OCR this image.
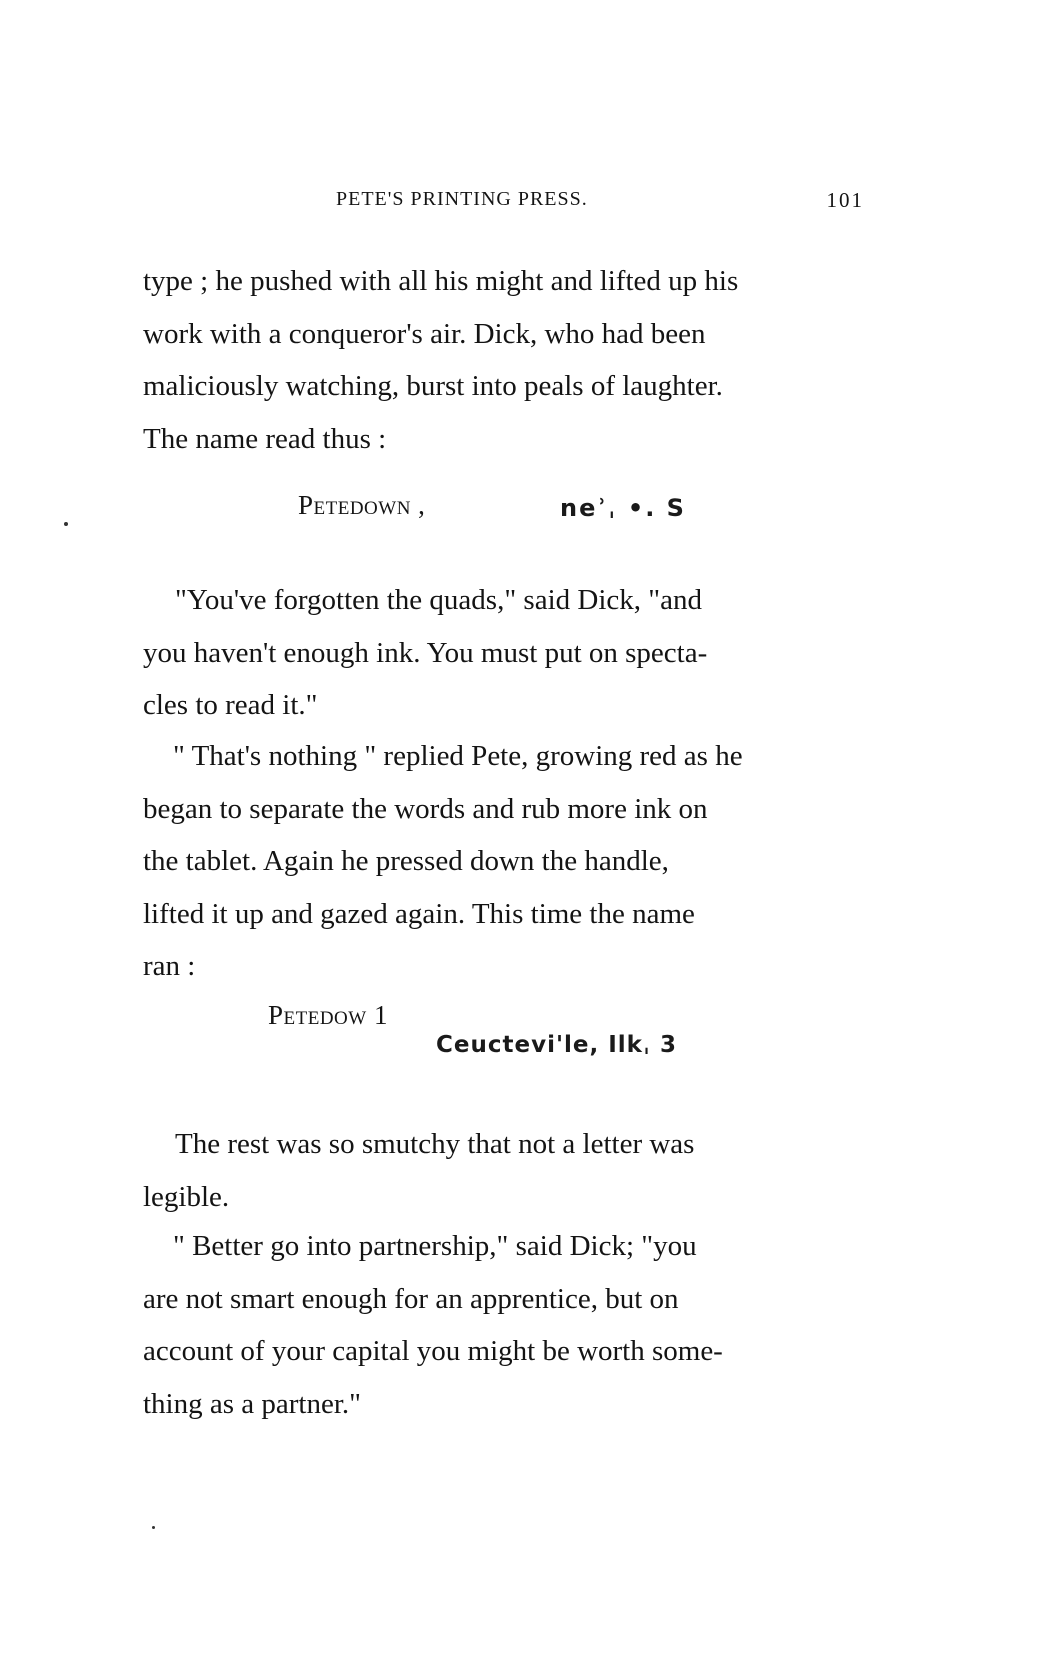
PETE'S PRINTING PRESS.	101
type ; he pushed with all his might and lifted up his
work with a conqueror's air. Dick, who had been
maliciously watching, burst into peals of laughter.
The name read thus :
Petedown ,	neʾˌ •. S
"You've forgotten the quads," said Dick, "and
you haven't enough ink. You must put on specta-
cles to read it."
" That's nothing " replied Pete, growing red as he
began to separate the words and rub more ink on
the tablet. Again he pressed down the handle,
lifted it up and gazed again. This time the name
ran :
Petedow 1
Ceuctevi'le, Ilkˌ 3
The rest was so smutchy that not a letter was
legible.
" Better go into partnership," said Dick; "you
are not smart enough for an apprentice, but on
account of your capital you might be worth some-
thing as a partner."
